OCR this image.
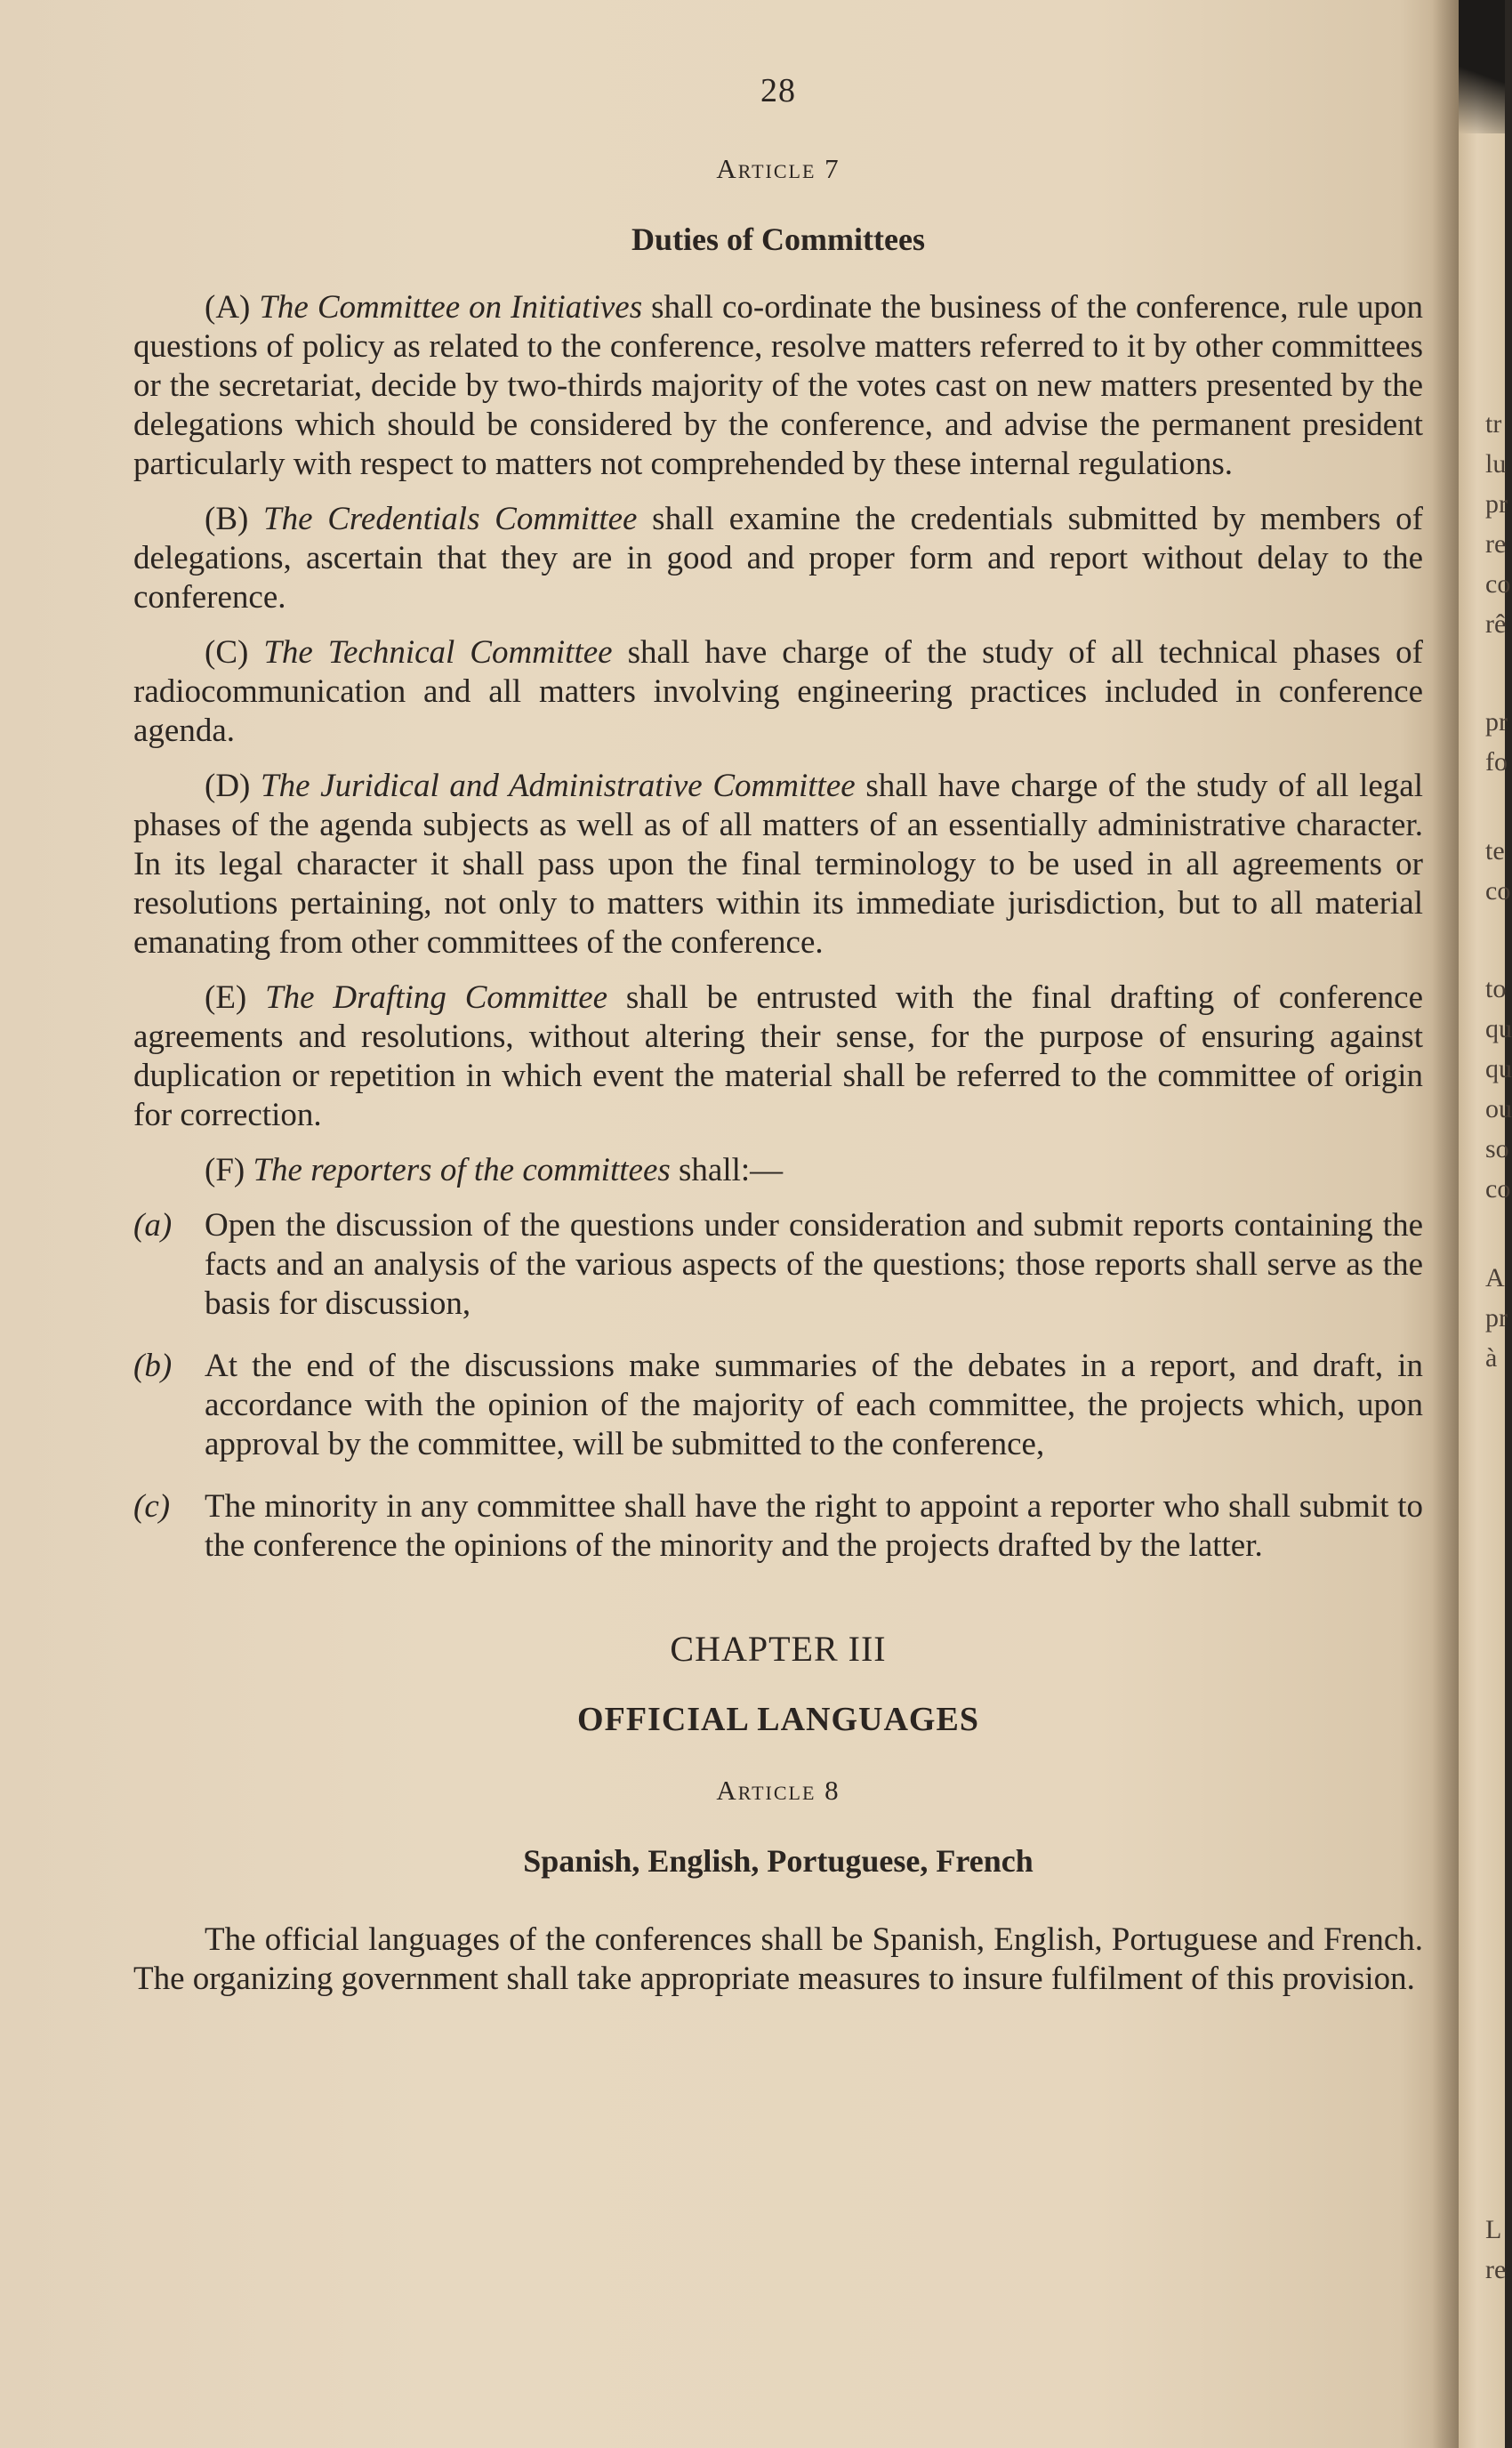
28
Article 7
Duties of Committees

(A) The Committee on Initiatives shall co-ordinate the business of the conference, rule upon questions of policy as related to the conference, resolve matters referred to it by other committees or the secretariat, decide by two-thirds majority of the votes cast on new matters presented by the delegations which should be considered by the conference, and advise the permanent president particularly with respect to matters not comprehended by these internal regulations.

(B) The Credentials Committee shall examine the credentials submitted by members of delegations, ascertain that they are in good and proper form and report without delay to the conference.

(C) The Technical Committee shall have charge of the study of all technical phases of radiocommunication and all matters involving engineering practices included in conference agenda.

(D) The Juridical and Administrative Committee shall have charge of the study of all legal phases of the agenda subjects as well as of all matters of an essentially administrative character. In its legal character it shall pass upon the final terminology to be used in all agreements or resolutions pertaining, not only to matters within its immediate jurisdiction, but to all material emanating from other committees of the conference.

(E) The Drafting Committee shall be entrusted with the final drafting of conference agreements and resolutions, without altering their sense, for the purpose of ensuring against duplication or repetition in which event the material shall be referred to the committee of origin for correction.

(F) The reporters of the committees shall:—

(a) Open the discussion of the questions under consideration and submit reports containing the facts and an analysis of the various aspects of the questions; those reports shall serve as the basis for discussion,
(b) At the end of the discussions make summaries of the debates in a report, and draft, in accordance with the opinion of the majority of each committee, the projects which, upon approval by the committee, will be submitted to the conference,
(c) The minority in any committee shall have the right to appoint a reporter who shall submit to the conference the opinions of the minority and the projects drafted by the latter.
CHAPTER III
OFFICIAL LANGUAGES
Article 8
Spanish, English, Portuguese, French

The official languages of the conferences shall be Spanish, English, Portuguese and French. The organizing government shall take appropriate measures to insure fulfilment of this provision.

tr
lu
pr
re
co
rê
pr
fo
te
co
to
qu
qu
ou
so
co
A
pr
à
L
re
